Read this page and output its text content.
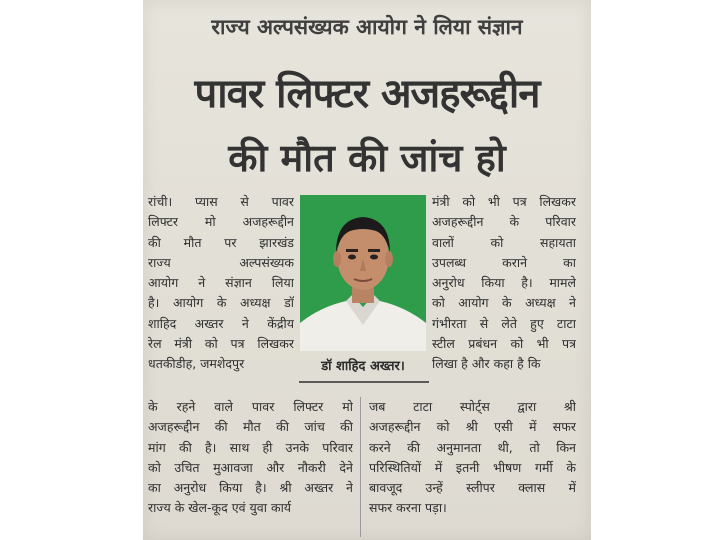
राज्य अल्पसंख्यक आयोग ने लिया संज्ञान
पावर लिफ्टर अजहरूद्दीन
की मौत की जांच हो
रांची। प्यास से पावर
लिफ्टर मो अजहरूद्दीन
की मौत पर झारखंड
राज्य अल्पसंख्यक
आयोग ने संज्ञान लिया
है। आयोग के अध्यक्ष डॉ
शाहिद अख्तर ने केंद्रीय
रेल मंत्री को पत्र लिखकर
धतकीडीह, जमशेदपुर	डॉ शाहिद अख्तर।
मंत्री को भी पत्र लिखकर
अजहरूद्दीन के परिवार
वालों को सहायता
उपलब्ध कराने का
अनुरोध किया है। मामले
को आयोग के अध्यक्ष ने
गंभीरता से लेते हुए टाटा
स्टील प्रबंधन को भी पत्र
लिखा है और कहा है कि
के रहने वाले पावर लिफ्टर मो
अजहरूद्दीन की मौत की जांच की
मांग की है। साथ ही उनके परिवार
को उचित मुआवजा और नौकरी देने
का अनुरोध किया है। श्री अख्तर ने
राज्य के खेल-कूद एवं युवा कार्य
जब टाटा स्पोर्ट्स द्वारा श्री
अजहरूद्दीन को श्री एसी में सफर
करने की अनुमानता थी, तो किन
परिस्थितियों में इतनी भीषण गर्मी के
बावजूद उन्हें स्लीपर क्लास में
सफर करना पड़ा।
